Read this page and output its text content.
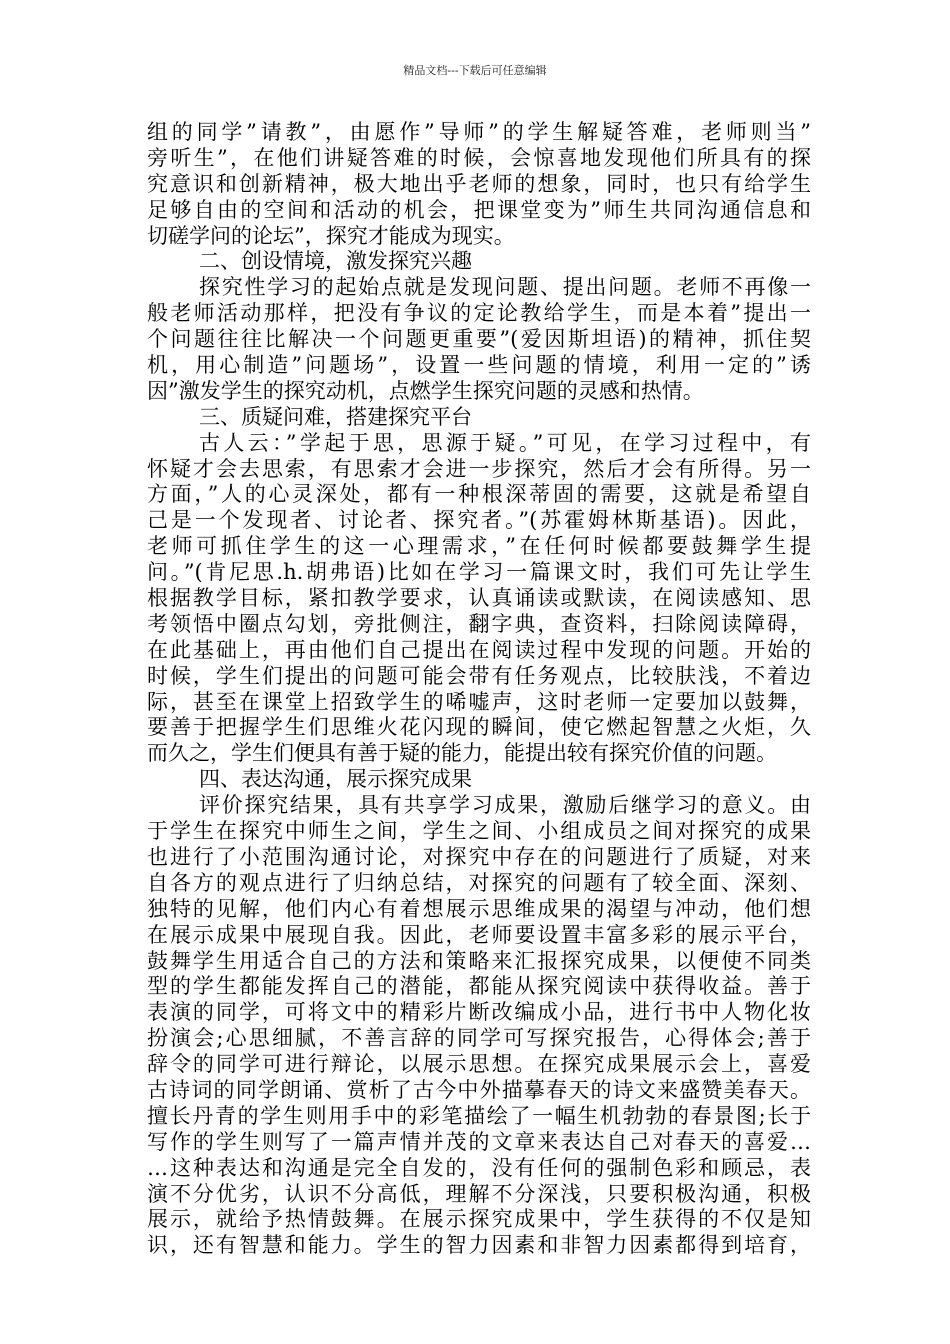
精品文档---下载后可任意编辑
组的同学”请教”，由愿作”导师”的学生解疑答难，老师则当”
旁听生”，在他们讲疑答难的时候，会惊喜地发现他们所具有的探
究意识和创新精神，极大地出乎老师的想象，同时，也只有给学生
足够自由的空间和活动的机会，把课堂变为”师生共同沟通信息和
切磋学问的论坛”，探究才能成为现实。
二、创设情境，激发探究兴趣
探究性学习的起始点就是发现问题、提出问题。老师不再像一
般老师活动那样，把没有争议的定论教给学生，而是本着”提出一
个问题往往比解决一个问题更重要”(爱因斯坦语)的精神，抓住契
机，用心制造”问题场”，设置一些问题的情境，利用一定的”诱
因”激发学生的探究动机，点燃学生探究问题的灵感和热情。
三、质疑问难，搭建探究平台
古人云：”学起于思，思源于疑。”可见，在学习过程中，有
怀疑才会去思索，有思索才会进一步探究，然后才会有所得。另一
方面，”人的心灵深处，都有一种根深蒂固的需要，这就是希望自
己是一个发现者、讨论者、探究者。”(苏霍姆林斯基语)。因此，
老师可抓住学生的这一心理需求，”在任何时候都要鼓舞学生提
问。”(肯尼思.h.胡弗语)比如在学习一篇课文时，我们可先让学生
根据教学目标，紧扣教学要求，认真诵读或默读，在阅读感知、思
考领悟中圈点勾划，旁批侧注，翻字典，查资料，扫除阅读障碍，
在此基础上，再由他们自己提出在阅读过程中发现的问题。开始的
时候，学生们提出的问题可能会带有任务观点，比较肤浅，不着边
际，甚至在课堂上招致学生的唏嘘声，这时老师一定要加以鼓舞，
要善于把握学生们思维火花闪现的瞬间，使它燃起智慧之火炬，久
而久之，学生们便具有善于疑的能力，能提出较有探究价值的问题。
四、表达沟通，展示探究成果
评价探究结果，具有共享学习成果，激励后继学习的意义。由
于学生在探究中师生之间，学生之间、小组成员之间对探究的成果
也进行了小范围沟通讨论，对探究中存在的问题进行了质疑，对来
自各方的观点进行了归纳总结，对探究的问题有了较全面、深刻、
独特的见解，他们内心有着想展示思维成果的渴望与冲动，他们想
在展示成果中展现自我。因此，老师要设置丰富多彩的展示平台，
鼓舞学生用适合自己的方法和策略来汇报探究成果，以便使不同类
型的学生都能发挥自己的潜能，都能从探究阅读中获得收益。善于
表演的同学，可将文中的精彩片断改编成小品，进行书中人物化妆
扮演会;心思细腻，不善言辞的同学可写探究报告，心得体会;善于
辞令的同学可进行辩论，以展示思想。在探究成果展示会上，喜爱
古诗词的同学朗诵、赏析了古今中外描摹春天的诗文来盛赞美春天。
擅长丹青的学生则用手中的彩笔描绘了一幅生机勃勃的春景图;长于
写作的学生则写了一篇声情并茂的文章来表达自己对春天的喜爱…
…这种表达和沟通是完全自发的，没有任何的强制色彩和顾忌，表
演不分优劣，认识不分高低，理解不分深浅，只要积极沟通，积极
展示，就给予热情鼓舞。在展示探究成果中，学生获得的不仅是知
识，还有智慧和能力。学生的智力因素和非智力因素都得到培育，
